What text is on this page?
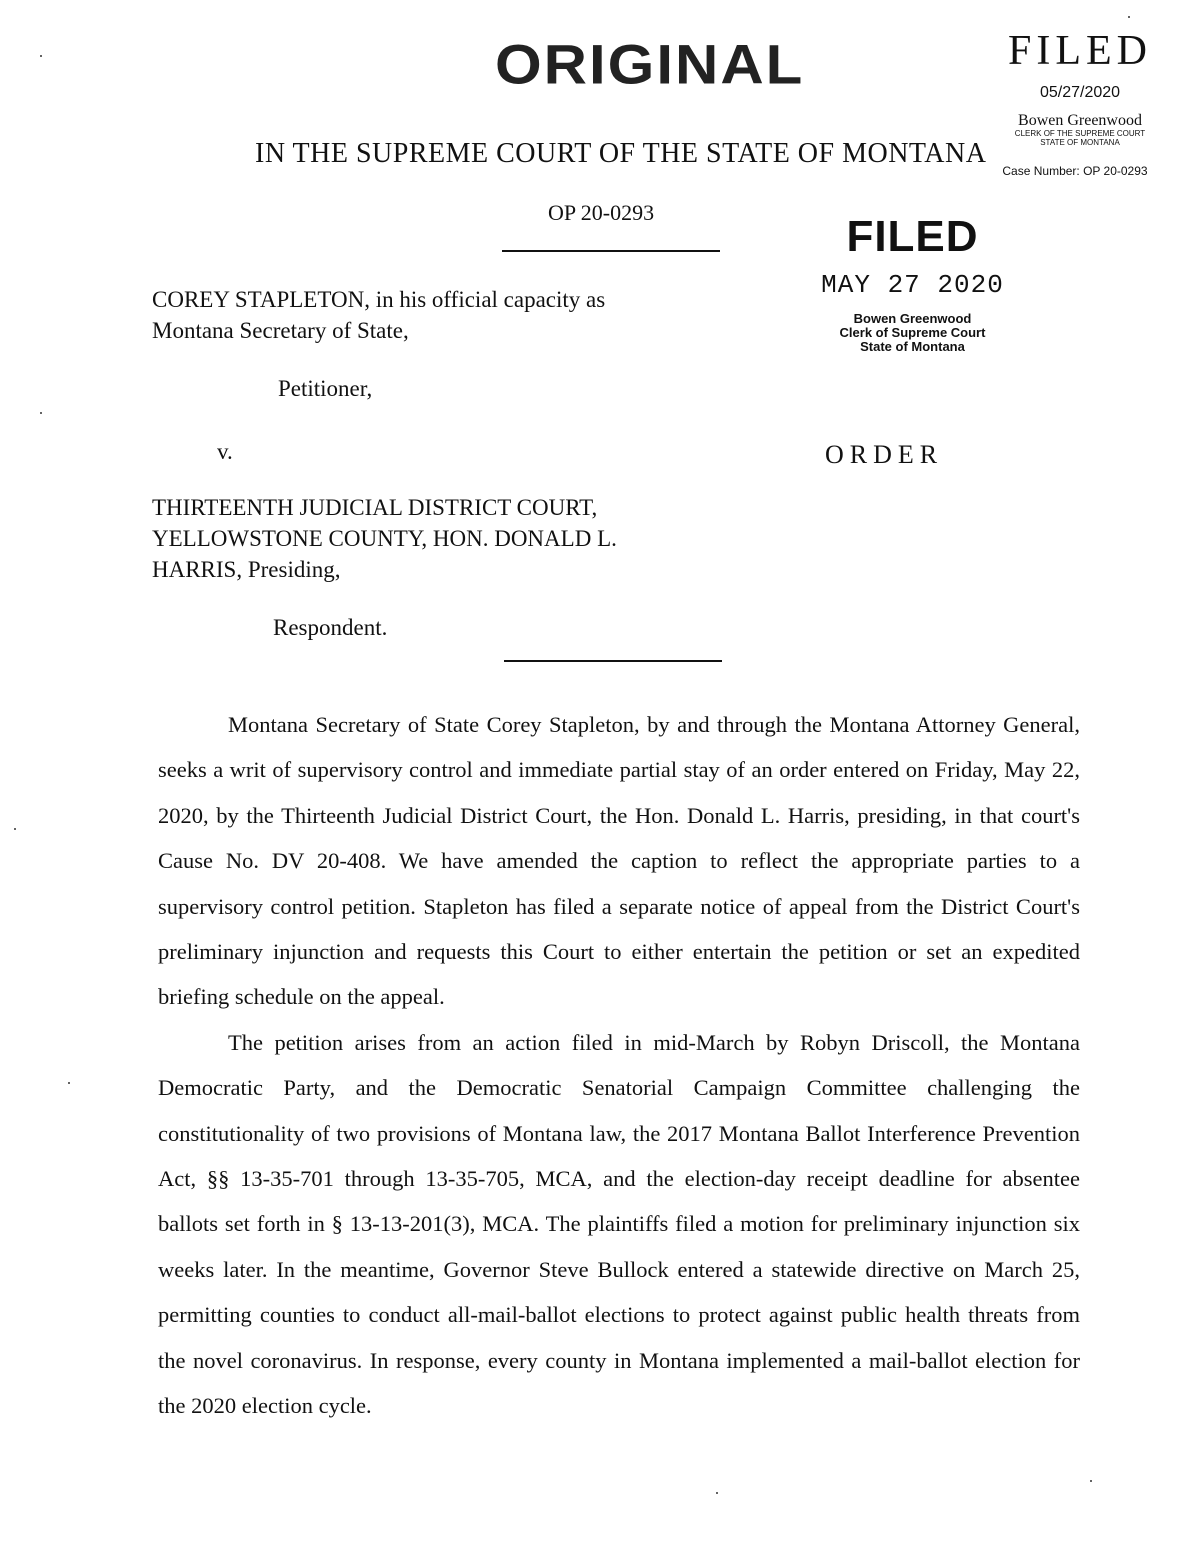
ORIGINAL
IN THE SUPREME COURT OF THE STATE OF MONTANA
FILED
05/27/2020
Bowen Greenwood
CLERK OF THE SUPREME COURT
STATE OF MONTANA
Case Number: OP 20-0293
OP 20-0293
COREY STAPLETON, in his official capacity as
Montana Secretary of State,
Petitioner,
v.
THIRTEENTH JUDICIAL DISTRICT COURT,
YELLOWSTONE COUNTY, HON. DONALD L.
HARRIS, Presiding,
Respondent.
FILED
MAY 27 2020
Bowen Greenwood
Clerk of Supreme Court
State of Montana
ORDER

Montana Secretary of State Corey Stapleton, by and through the Montana Attorney General, seeks a writ of supervisory control and immediate partial stay of an order entered on Friday, May 22, 2020, by the Thirteenth Judicial District Court, the Hon. Donald L. Harris, presiding, in that court's Cause No. DV 20-408. We have amended the caption to reflect the appropriate parties to a supervisory control petition. Stapleton has filed a separate notice of appeal from the District Court's preliminary injunction and requests this Court to either entertain the petition or set an expedited briefing schedule on the appeal.

The petition arises from an action filed in mid-March by Robyn Driscoll, the Montana Democratic Party, and the Democratic Senatorial Campaign Committee challenging the constitutionality of two provisions of Montana law, the 2017 Montana Ballot Interference Prevention Act, §§ 13-35-701 through 13-35-705, MCA, and the election-day receipt deadline for absentee ballots set forth in § 13-13-201(3), MCA. The plaintiffs filed a motion for preliminary injunction six weeks later. In the meantime, Governor Steve Bullock entered a statewide directive on March 25, permitting counties to conduct all-mail-ballot elections to protect against public health threats from the novel coronavirus. In response, every county in Montana implemented a mail-ballot election for the 2020 election cycle.
